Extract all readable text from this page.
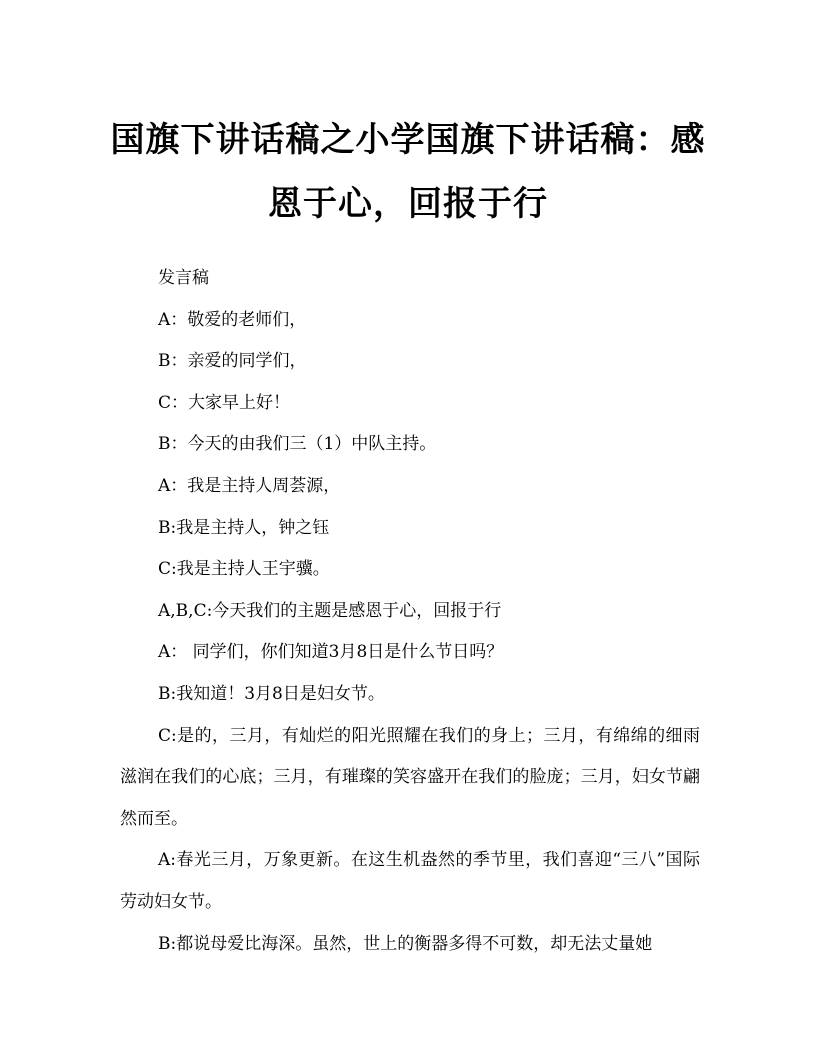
国旗下讲话稿之小学国旗下讲话稿：感恩于心，回报于行

发言稿

A：敬爱的老师们，

B：亲爱的同学们，

C：大家早上好！

B：今天的由我们三（1）中队主持。

A：我是主持人周荟源，

B:我是主持人，钟之钰

C:我是主持人王宇骥。

A,B,C:今天我们的主题是感恩于心，回报于行

A： 同学们，你们知道3月8日是什么节日吗？

B:我知道！3月8日是妇女节。

C:是的，三月，有灿烂的阳光照耀在我们的身上；三月，有绵绵的细雨滋润在我们的心底；三月，有璀璨的笑容盛开在我们的脸庞；三月，妇女节翩然而至。

A:春光三月，万象更新。在这生机盎然的季节里，我们喜迎“三八”国际劳动妇女节。

B:都说母爱比海深。虽然，世上的衡器多得不可数，却无法丈量她
